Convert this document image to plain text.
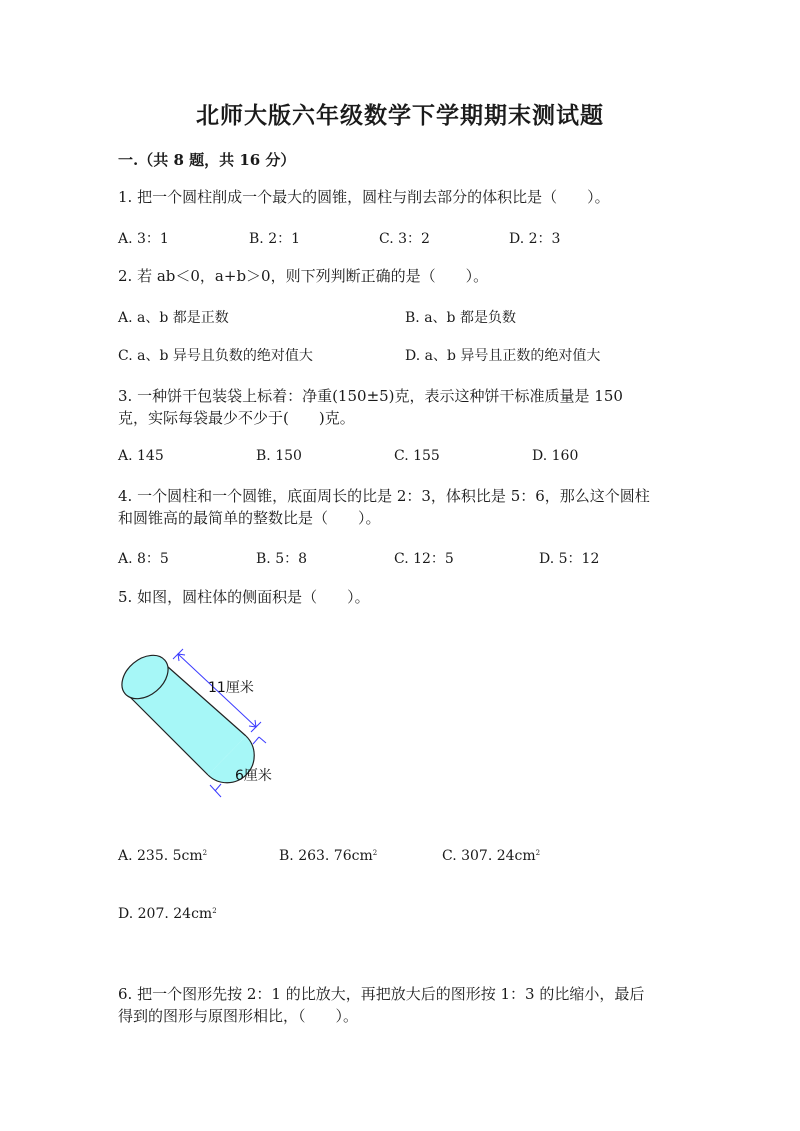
北师大版六年级数学下学期期末测试题
一.（共 8 题，共 16 分）
1. 把一个圆柱削成一个最大的圆锥，圆柱与削去部分的体积比是（　　）。
A. 3：1	B. 2：1	C. 3：2	D. 2：3
2. 若 ab＜0，a+b＞0，则下列判断正确的是（　　）。
A. a、b 都是正数	B. a、b 都是负数
C. a、b 异号且负数的绝对值大	D. a、b 异号且正数的绝对值大
3. 一种饼干包装袋上标着：净重(150±5)克，表示这种饼干标准质量是 150
克，实际每袋最少不少于(　　)克。
A. 145	B. 150	C. 155	D. 160
4. 一个圆柱和一个圆锥，底面周长的比是 2：3，体积比是 5：6，那么这个圆柱
和圆锥高的最简单的整数比是（　　）。
A. 8：5	B. 5：8	C. 12：5	D. 5：12
5. 如图，圆柱体的侧面积是（　　）。
11厘米
6厘米
A. 235. $5cm^2$	B. 263. $76cm^2$	C. 307. $24cm^2$
D. 207. $24cm^2$
6. 把一个图形先按 2：1 的比放大，再把放大后的图形按 1：3 的比缩小，最后
得到的图形与原图形相比，（　　）。
